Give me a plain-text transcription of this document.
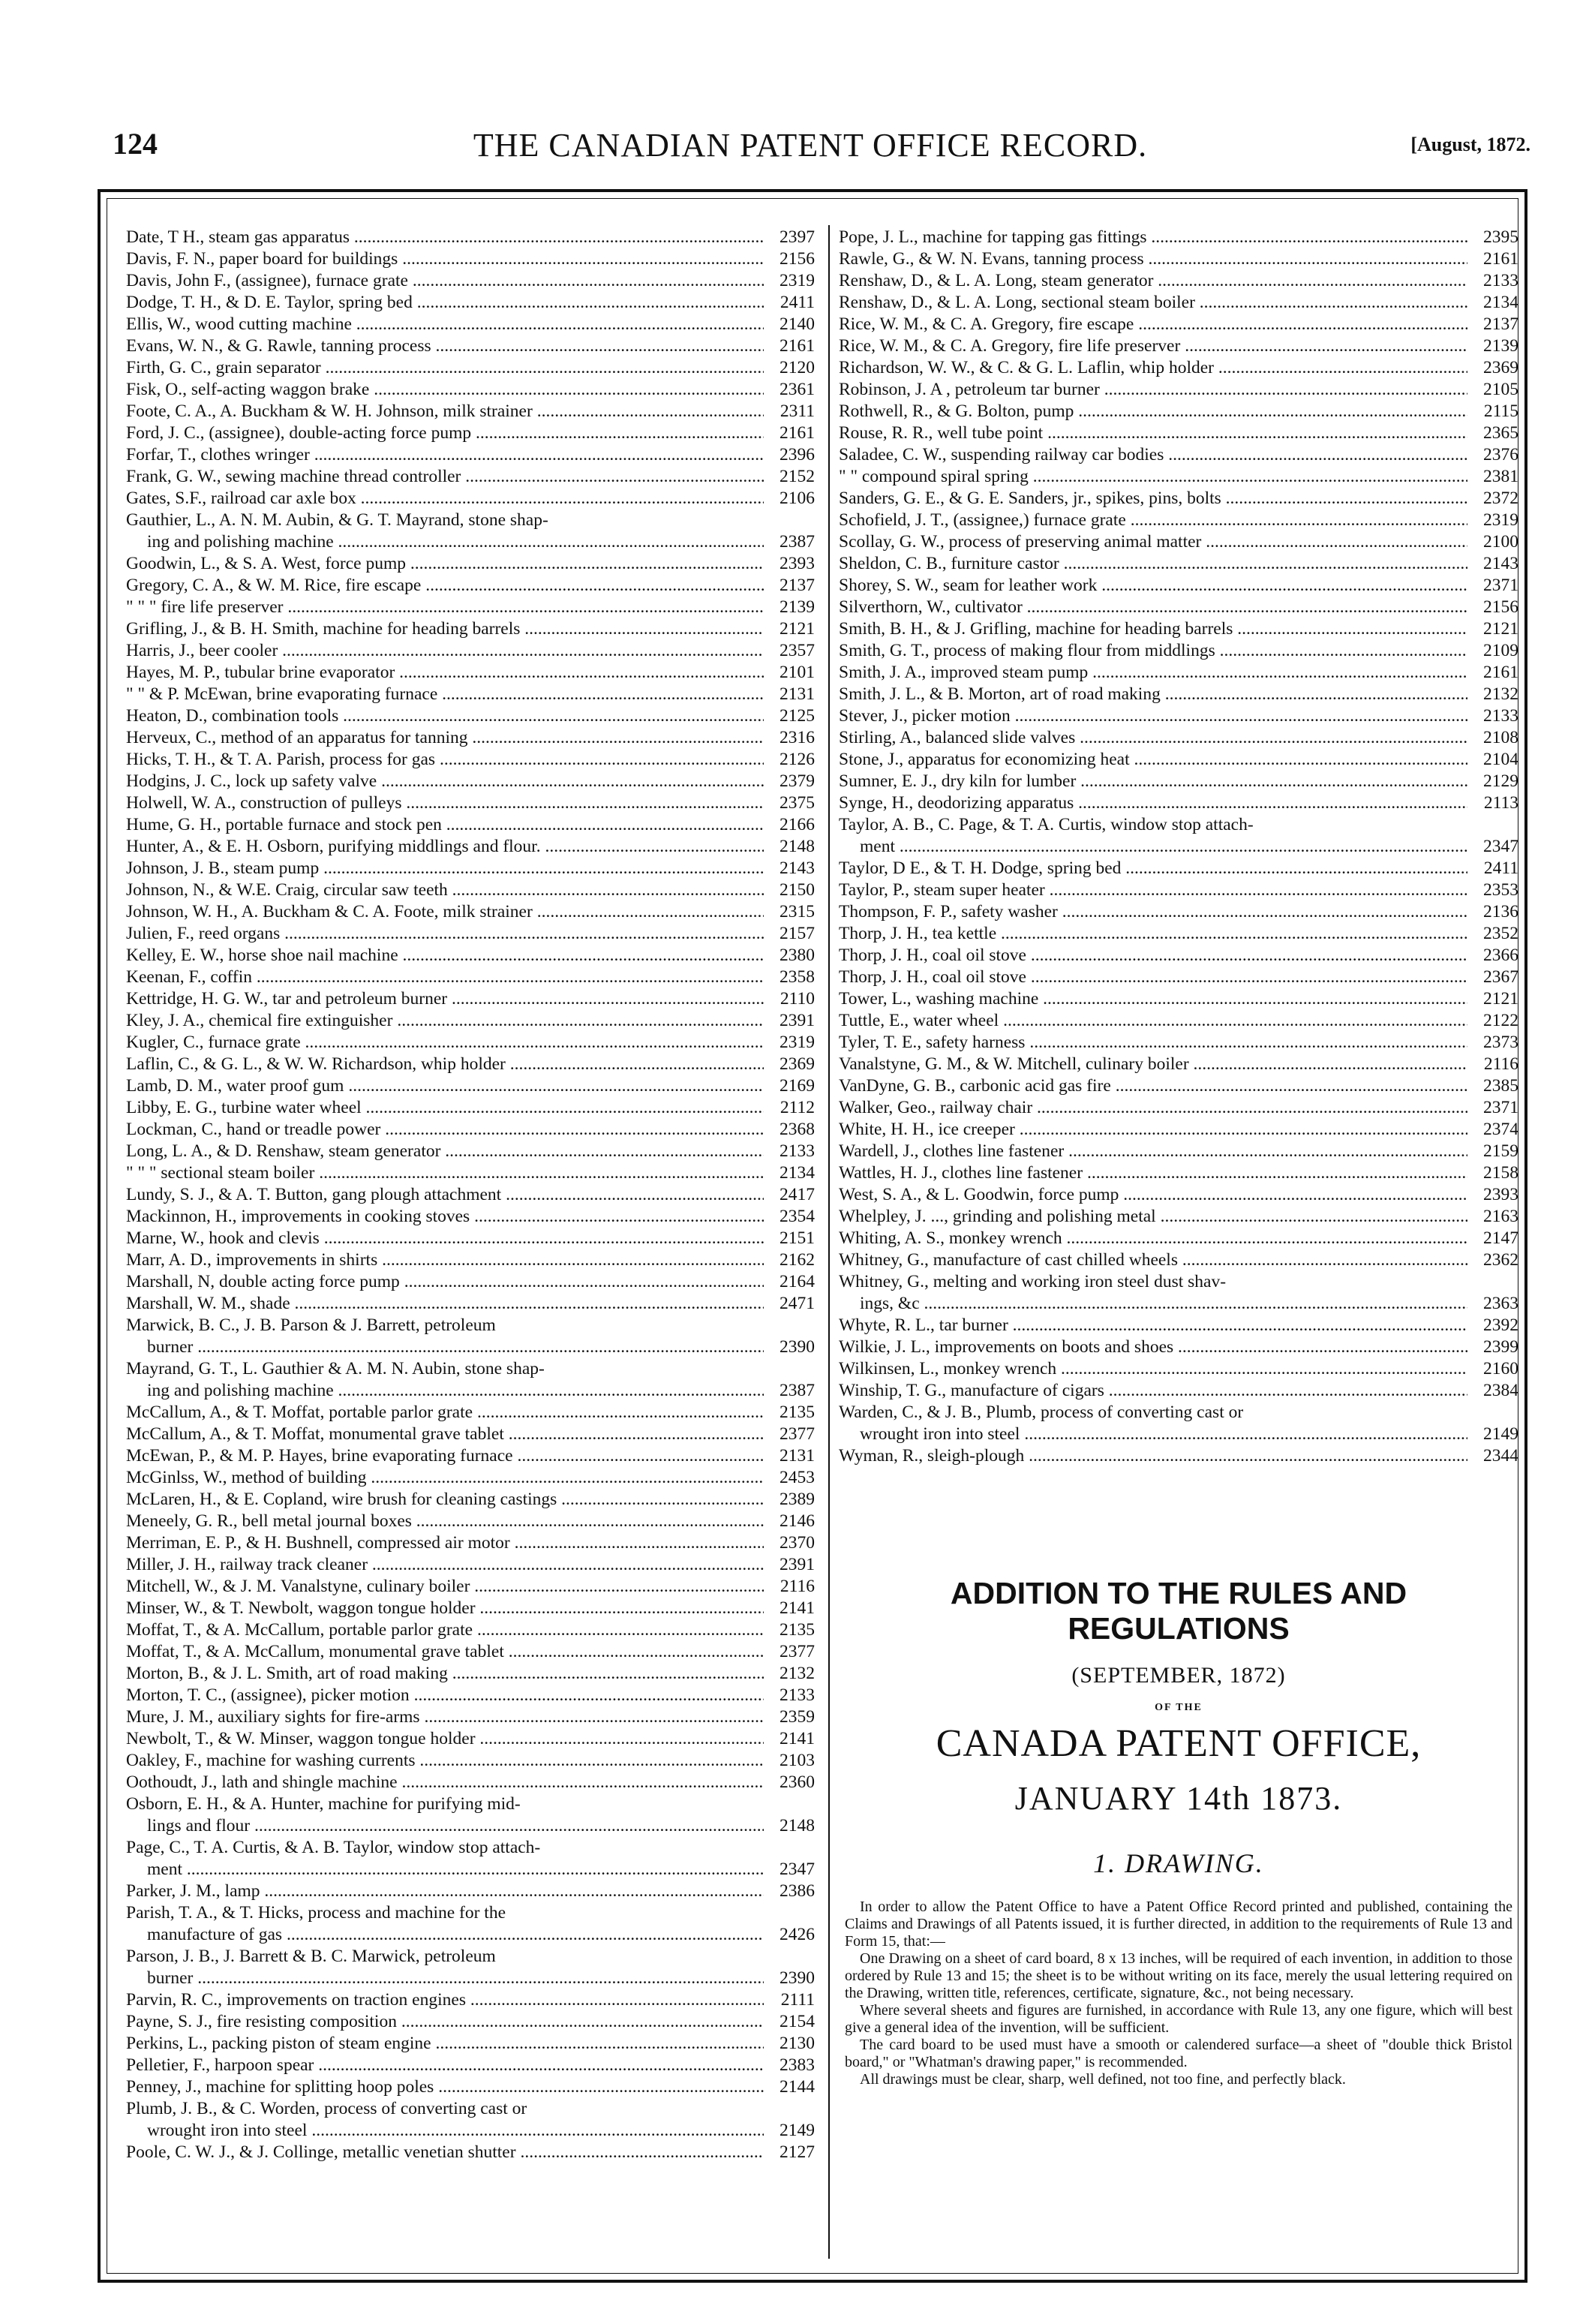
124	THE CANADIAN PATENT OFFICE RECORD.	[August, 1872.
Date, T H., steam gas apparatus .....	2397
Davis, F. N., paper board for buildings .....	2156
Davis, John F., (assignee), furnace grate .....	2319
Dodge, T. H., & D. E. Taylor, spring bed .....	2411
Ellis, W., wood cutting machine .....	2140
Evans, W. N., & G. Rawle, tanning process .....	2161
Firth, G. C., grain separator .....	2120
Fisk, O., self-acting waggon brake .....	2361
Foote, C. A., A. Buckham & W. H. Johnson, milk strainer .....	2311
Ford, J. C., (assignee), double-acting force pump .....	2161
Forfar, T., clothes wringer .....	2396
Frank, G. W., sewing machine thread controller .....	2152
Gates, S.F., railroad car axle box .....	2106
Gauthier, L., A. N. M. Aubin, & G. T. Mayrand, stone shap-
ing and polishing machine .....	2387
Goodwin, L., & S. A. West, force pump .....	2393
Gregory, C. A., & W. M. Rice, fire escape .....	2137
" " " fire life preserver .....	2139
Grifling, J., & B. H. Smith, machine for heading barrels .....	2121
Harris, J., beer cooler .....	2357
Hayes, M. P., tubular brine evaporator .....	2101
" " & P. McEwan, brine evaporating furnace .....	2131
Heaton, D., combination tools .....	2125
Herveux, C., method of an apparatus for tanning .....	2316
Hicks, T. H., & T. A. Parish, process for gas .....	2126
Hodgins, J. C., lock up safety valve .....	2379
Holwell, W. A., construction of pulleys .....	2375
Hume, G. H., portable furnace and stock pen .....	2166
Hunter, A., & E. H. Osborn, purifying middlings and flour. .....	2148
Johnson, J. B., steam pump .....	2143
Johnson, N., & W.E. Craig, circular saw teeth .....	2150
Johnson, W. H., A. Buckham & C. A. Foote, milk strainer .....	2315
Julien, F., reed organs .....	2157
Kelley, E. W., horse shoe nail machine .....	2380
Keenan, F., coffin .....	2358
Kettridge, H. G. W., tar and petroleum burner .....	2110
Kley, J. A., chemical fire extinguisher .....	2391
Kugler, C., furnace grate .....	2319
Laflin, C., & G. L., & W. W. Richardson, whip holder .....	2369
Lamb, D. M., water proof gum .....	2169
Libby, E. G., turbine water wheel .....	2112
Lockman, C., hand or treadle power .....	2368
Long, L. A., & D. Renshaw, steam generator .....	2133
" " " sectional steam boiler .....	2134
Lundy, S. J., & A. T. Button, gang plough attachment .....	2417
Mackinnon, H., improvements in cooking stoves .....	2354
Marne, W., hook and clevis .....	2151
Marr, A. D., improvements in shirts .....	2162
Marshall, N, double acting force pump .....	2164
Marshall, W. M., shade .....	2471
Marwick, B. C., J. B. Parson & J. Barrett, petroleum
burner .....	2390
Mayrand, G. T., L. Gauthier & A. M. N. Aubin, stone shap-
ing and polishing machine .....	2387
McCallum, A., & T. Moffat, portable parlor grate .....	2135
McCallum, A., & T. Moffat, monumental grave tablet .....	2377
McEwan, P., & M. P. Hayes, brine evaporating furnace .....	2131
McGinlss, W., method of building .....	2453
McLaren, H., & E. Copland, wire brush for cleaning castings .....	2389
Meneely, G. R., bell metal journal boxes .....	2146
Merriman, E. P., & H. Bushnell, compressed air motor .....	2370
Miller, J. H., railway track cleaner .....	2391
Mitchell, W., & J. M. Vanalstyne, culinary boiler .....	2116
Minser, W., & T. Newbolt, waggon tongue holder .....	2141
Moffat, T., & A. McCallum, portable parlor grate .....	2135
Moffat, T., & A. McCallum, monumental grave tablet .....	2377
Morton, B., & J. L. Smith, art of road making .....	2132
Morton, T. C., (assignee), picker motion .....	2133
Mure, J. M., auxiliary sights for fire-arms .....	2359
Newbolt, T., & W. Minser, waggon tongue holder .....	2141
Oakley, F., machine for washing currents .....	2103
Oothoudt, J., lath and shingle machine .....	2360
Osborn, E. H., & A. Hunter, machine for purifying mid-
lings and flour .....	2148
Page, C., T. A. Curtis, & A. B. Taylor, window stop attach-
ment .....	2347
Parker, J. M., lamp .....	2386
Parish, T. A., & T. Hicks, process and machine for the
manufacture of gas .....	2426
Parson, J. B., J. Barrett & B. C. Marwick, petroleum
burner .....	2390
Parvin, R. C., improvements on traction engines .....	2111
Payne, S. J., fire resisting composition .....	2154
Perkins, L., packing piston of steam engine .....	2130
Pelletier, F., harpoon spear .....	2383
Penney, J., machine for splitting hoop poles .....	2144
Plumb, J. B., & C. Worden, process of converting cast or
wrought iron into steel .....	2149
Poole, C. W. J., & J. Collinge, metallic venetian shutter .....	2127
Pope, J. L., machine for tapping gas fittings .....	2395
Rawle, G., & W. N. Evans, tanning process .....	2161
Renshaw, D., & L. A. Long, steam generator .....	2133
Renshaw, D., & L. A. Long, sectional steam boiler .....	2134
Rice, W. M., & C. A. Gregory, fire escape .....	2137
Rice, W. M., & C. A. Gregory, fire life preserver .....	2139
Richardson, W. W., & C. & G. L. Laflin, whip holder .....	2369
Robinson, J. A , petroleum tar burner .....	2105
Rothwell, R., & G. Bolton, pump .....	2115
Rouse, R. R., well tube point .....	2365
Saladee, C. W., suspending railway car bodies .....	2376
" " compound spiral spring .....	2381
Sanders, G. E., & G. E. Sanders, jr., spikes, pins, bolts .....	2372
Schofield, J. T., (assignee,) furnace grate .....	2319
Scollay, G. W., process of preserving animal matter .....	2100
Sheldon, C. B., furniture castor .....	2143
Shorey, S. W., seam for leather work .....	2371
Silverthorn, W., cultivator .....	2156
Smith, B. H., & J. Grifling, machine for heading barrels .....	2121
Smith, G. T., process of making flour from middlings .....	2109
Smith, J. A., improved steam pump .....	2161
Smith, J. L., & B. Morton, art of road making .....	2132
Stever, J., picker motion .....	2133
Stirling, A., balanced slide valves .....	2108
Stone, J., apparatus for economizing heat .....	2104
Sumner, E. J., dry kiln for lumber .....	2129
Synge, H., deodorizing apparatus .....	2113
Taylor, A. B., C. Page, & T. A. Curtis, window stop attach-
ment .....	2347
Taylor, D E., & T. H. Dodge, spring bed .....	2411
Taylor, P., steam super heater .....	2353
Thompson, F. P., safety washer .....	2136
Thorp, J. H., tea kettle .....	2352
Thorp, J. H., coal oil stove .....	2366
Thorp, J. H., coal oil stove .....	2367
Tower, L., washing machine .....	2121
Tuttle, E., water wheel .....	2122
Tyler, T. E., safety harness .....	2373
Vanalstyne, G. M., & W. Mitchell, culinary boiler .....	2116
VanDyne, G. B., carbonic acid gas fire .....	2385
Walker, Geo., railway chair .....	2371
White, H. H., ice creeper .....	2374
Wardell, J., clothes line fastener .....	2159
Wattles, H. J., clothes line fastener .....	2158
West, S. A., & L. Goodwin, force pump .....	2393
Whelpley, J. ..., grinding and polishing metal .....	2163
Whiting, A. S., monkey wrench .....	2147
Whitney, G., manufacture of cast chilled wheels .....	2362
Whitney, G., melting and working iron steel dust shav-
ings, &c .....	2363
Whyte, R. L., tar burner .....	2392
Wilkie, J. L., improvements on boots and shoes .....	2399
Wilkinsen, L., monkey wrench .....	2160
Winship, T. G., manufacture of cigars .....	2384
Warden, C., & J. B., Plumb, process of converting cast or
wrought iron into steel .....	2149
Wyman, R., sleigh-plough .....	2344
ADDITION TO THE RULES AND REGULATIONS
(SEPTEMBER, 1872)
OF THE
CANADA PATENT OFFICE,
JANUARY 14th 1873.
1. DRAWING.

In order to allow the Patent Office to have a Patent Office Record printed and published, containing the Claims and Drawings of all Patents issued, it is further directed, in addition to the requirements of Rule 13 and Form 15, that:—

One Drawing on a sheet of card board, 8 x 13 inches, will be required of each invention, in addition to those ordered by Rule 13 and 15; the sheet is to be without writing on its face, merely the usual lettering required on the Drawing, written title, references, certificate, signature, &c., not being necessary.

Where several sheets and figures are furnished, in accordance with Rule 13, any one figure, which will best give a general idea of the invention, will be sufficient.

The card board to be used must have a smooth or calendered surface—a sheet of "double thick Bristol board," or "Whatman's drawing paper," is recommended.

All drawings must be clear, sharp, well defined, not too fine, and perfectly black.
